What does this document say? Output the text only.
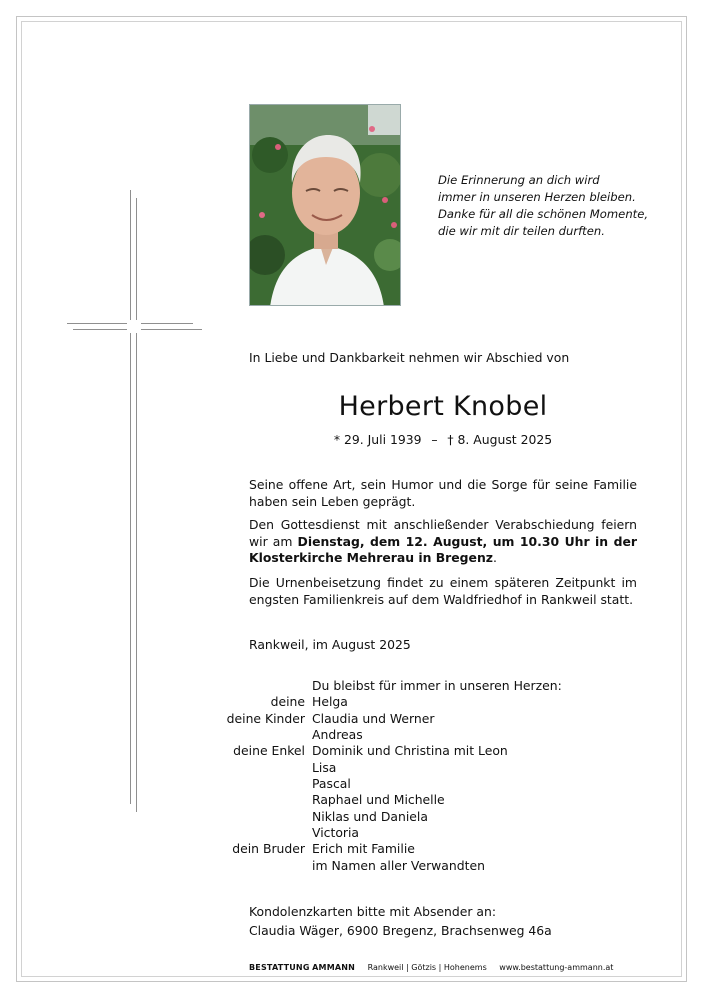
Die Erinnerung an dich wird
immer in unseren Herzen bleiben.
Danke für all die schönen Momente,
die wir mit dir teilen durften.
In Liebe und Dankbarkeit nehmen wir Abschied von
Herbert Knobel
* 29. Juli 1939 – † 8. August 2025
Seine offene Art, sein Humor und die Sorge für seine Familie haben sein Leben geprägt.
Den Gottesdienst mit anschließender Verabschiedung feiern wir am Dienstag, dem 12. August, um 10.30 Uhr in der Klosterkirche Mehrerau in Bregenz.
Die Urnenbeisetzung findet zu einem späteren Zeitpunkt im engsten Familienkreis auf dem Waldfriedhof in Rankweil statt.
Rankweil, im August 2025
Du bleibst für immer in unseren Herzen:
deine Helga
deine Kinder Claudia und Werner
Andreas
deine Enkel Dominik und Christina mit Leon
Lisa
Pascal
Raphael und Michelle
Niklas und Daniela
Victoria
dein Bruder Erich mit Familie
im Namen aller Verwandten
Kondolenzkarten bitte mit Absender an:
Claudia Wäger, 6900 Bregenz, Brachsenweg 46a
BESTATTUNG AMMANN Rankweil | Götzis | Hohenems www.bestattung-ammann.at
